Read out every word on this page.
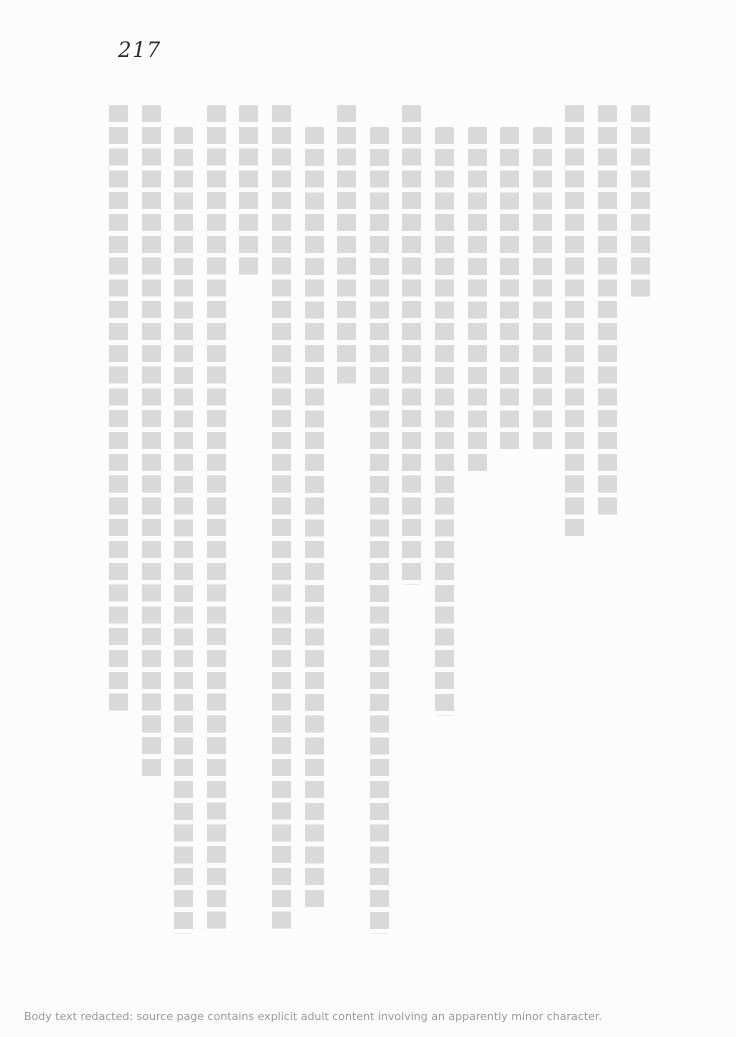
217

Body text redacted: source page contains explicit adult content involving an apparently minor character.
